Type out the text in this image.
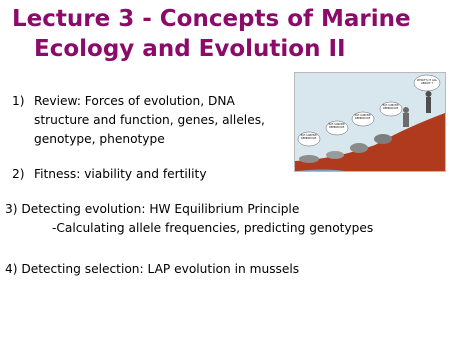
Lecture 3 - Concepts of Marine
Ecology and Evolution II
1) Review: Forces of evolution, DNA
structure and function, genes, alleles,
genotype, phenotype
2) Fitness: viability and fertility
3) Detecting evolution: HW Equilibrium Principle
-Calculating allele frequencies, predicting genotypes
4) Detecting selection: LAP evolution in mussels
EAT. SURVIVE. REPRODUCE.
EAT. SURVIVE. REPRODUCE.
EAT. SURVIVE. REPRODUCE.
EAT. SURVIVE. REPRODUCE.
WHAT'S IT ALL ABOUT ?
